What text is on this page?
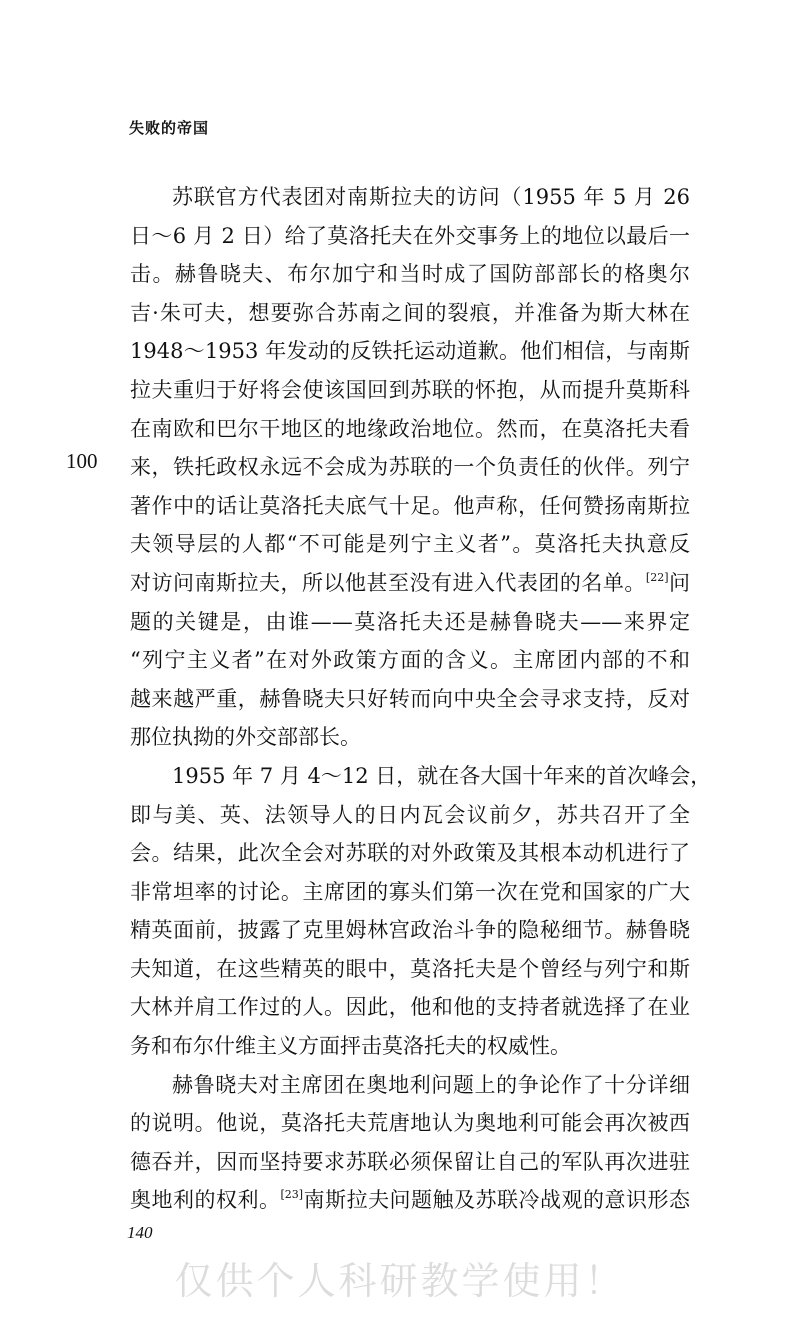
失败的帝国
100
苏联官方代表团对南斯拉夫的访问（1955 年 5 月 26
日～6 月 2 日）给了莫洛托夫在外交事务上的地位以最后一
击。赫鲁晓夫、布尔加宁和当时成了国防部部长的格奥尔
吉·朱可夫，想要弥合苏南之间的裂痕，并准备为斯大林在
1948～1953 年发动的反铁托运动道歉。他们相信，与南斯
拉夫重归于好将会使该国回到苏联的怀抱，从而提升莫斯科
在南欧和巴尔干地区的地缘政治地位。然而，在莫洛托夫看
来，铁托政权永远不会成为苏联的一个负责任的伙伴。列宁
著作中的话让莫洛托夫底气十足。他声称，任何赞扬南斯拉
夫领导层的人都“不可能是列宁主义者”。莫洛托夫执意反
对访问南斯拉夫，所以他甚至没有进入代表团的名单。[22]问
题的关键是，由谁——莫洛托夫还是赫鲁晓夫——来界定
“列宁主义者”在对外政策方面的含义。主席团内部的不和
越来越严重，赫鲁晓夫只好转而向中央全会寻求支持，反对
那位执拗的外交部部长。
1955 年 7 月 4～12 日，就在各大国十年来的首次峰会，
即与美、英、法领导人的日内瓦会议前夕，苏共召开了全
会。结果，此次全会对苏联的对外政策及其根本动机进行了
非常坦率的讨论。主席团的寡头们第一次在党和国家的广大
精英面前，披露了克里姆林宫政治斗争的隐秘细节。赫鲁晓
夫知道，在这些精英的眼中，莫洛托夫是个曾经与列宁和斯
大林并肩工作过的人。因此，他和他的支持者就选择了在业
务和布尔什维主义方面抨击莫洛托夫的权威性。
赫鲁晓夫对主席团在奥地利问题上的争论作了十分详细
的说明。他说，莫洛托夫荒唐地认为奥地利可能会再次被西
德吞并，因而坚持要求苏联必须保留让自己的军队再次进驻
奥地利的权利。[23]南斯拉夫问题触及苏联冷战观的意识形态
140
仅供个人科研教学使用！
